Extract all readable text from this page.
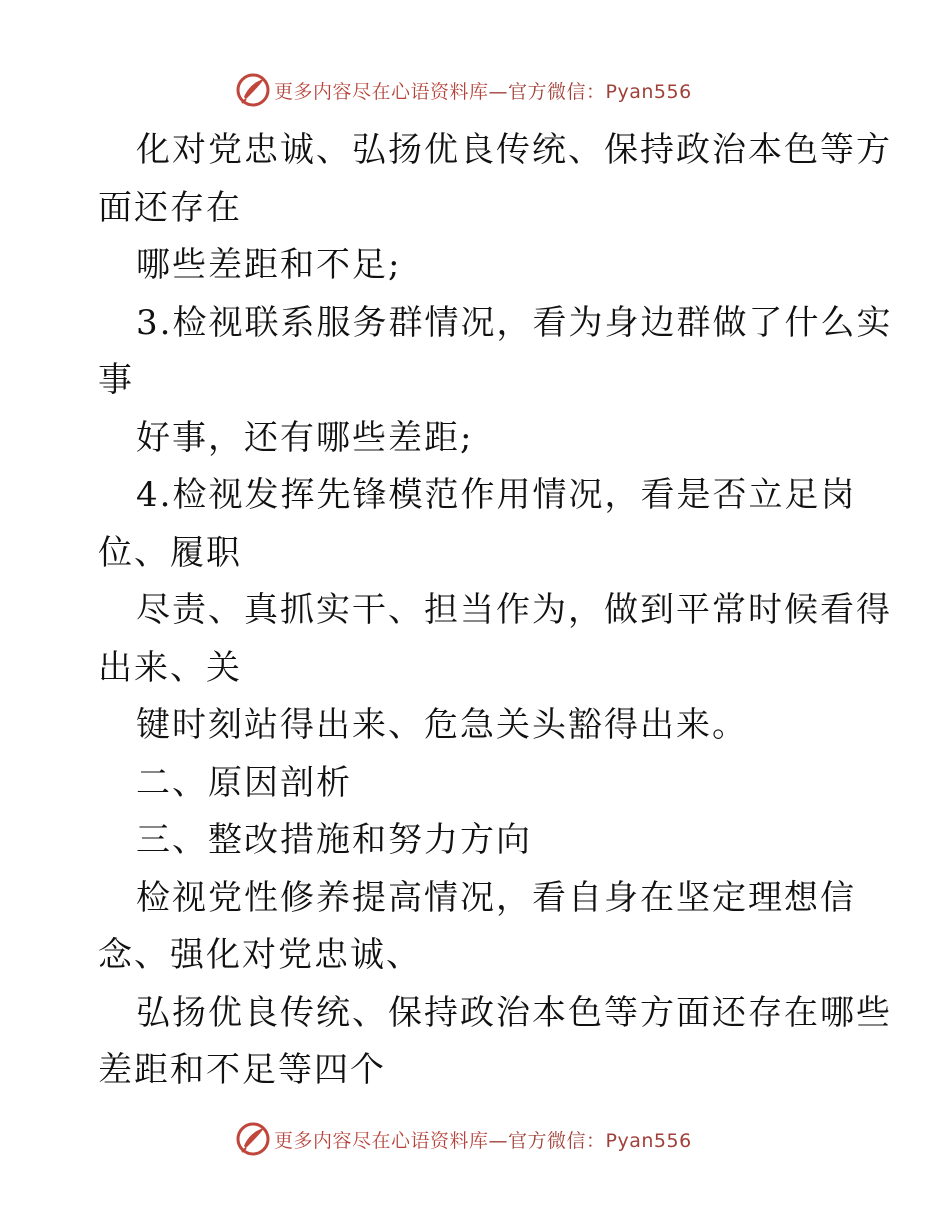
更多内容尽在心语资料库—官方微信：Pyan556
化对党忠诚、弘扬优良传统、保持政治本色等方
面还存在
哪些差距和不足;
3.检视联系服务群情况，看为身边群做了什么实
事
好事，还有哪些差距;
4.检视发挥先锋模范作用情况，看是否立足岗
位、履职
尽责、真抓实干、担当作为，做到平常时候看得
出来、关
键时刻站得出来、危急关头豁得出来。
二、原因剖析
三、整改措施和努力方向
检视党性修养提高情况，看自身在坚定理想信
念、强化对党忠诚、
弘扬优良传统、保持政治本色等方面还存在哪些
差距和不足等四个
更多内容尽在心语资料库—官方微信：Pyan556
